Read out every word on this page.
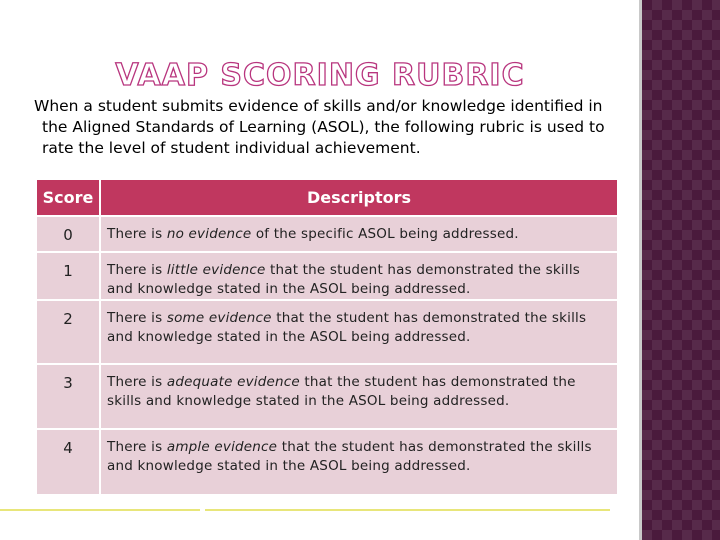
VAAP SCORING RUBRIC
When a student submits evidence of skills and/or knowledge identified in
the Aligned Standards of Learning (ASOL), the following rubric is used to
rate the level of student individual achievement.
Score	Descriptors
0	There is no evidence of the specific ASOL being addressed.
1	There is little evidence that the student has demonstrated the skills
and knowledge stated in the ASOL being addressed.
2	There is some evidence that the student has demonstrated the skills
and knowledge stated in the ASOL being addressed.
3	There is adequate evidence that the student has demonstrated the
skills and knowledge stated in the ASOL being addressed.
4	There is ample evidence that the student has demonstrated the skills
and knowledge stated in the ASOL being addressed.
